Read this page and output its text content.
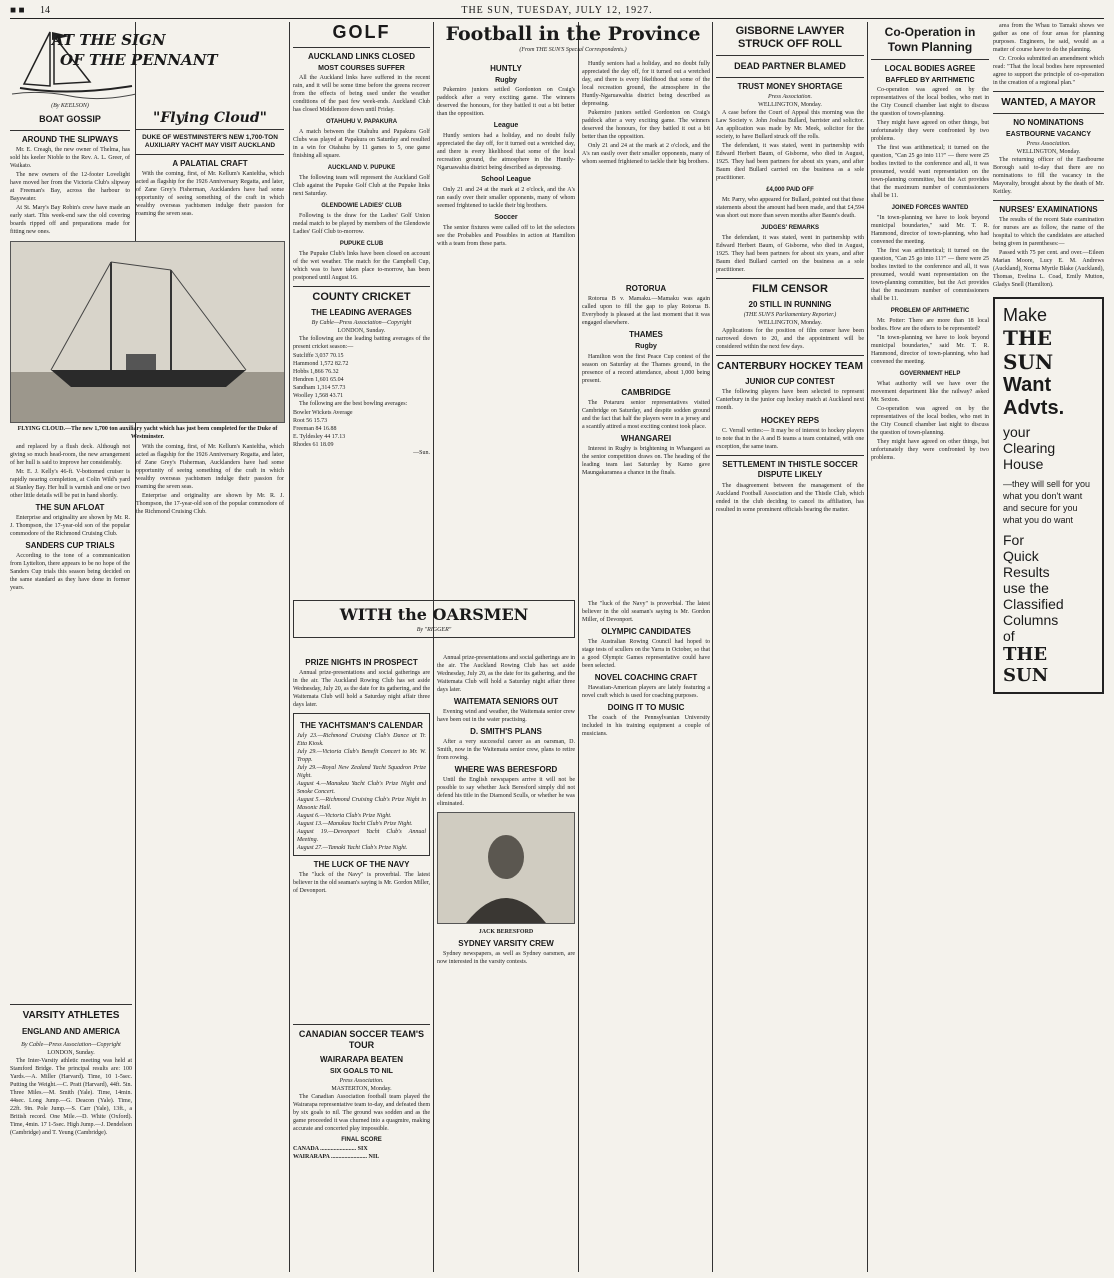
■ ■ 14	THE SUN, TUESDAY, JULY 12, 1927.
AT THE SIGN
OF THE PENNANT
(By KEELSON)
BOAT GOSSIP
AROUND THE SLIPWAYS

Mr. E. Creagh, the new owner of Thelma, has sold his keeler Nioble to the Rev. A. L. Greer, of Waikato.

The new owners of the 12-footer Lovelight have moved her from the Victoria Club's slipway at Freeman's Bay, across the harbour to Bayswater.

At St. Mary's Bay Robin's crew have made an early start. This week-end saw the old covering boards ripped off and preparations made for fitting new ones.

"Flying Cloud"
DUKE OF WESTMINSTER'S NEW 1,700-TON AUXILIARY YACHT MAY VISIT AUCKLAND
A PALATIAL CRAFT

With the coming, first, of Mr. Kellum's Kanieltha, which acted as flagship for the 1926 Anniversary Regatta, and later, of Zane Grey's Fisherman, Aucklanders have had some opportunity of seeing something of the craft in which wealthy overseas yachtsmen indulge their passion for roaming the seven seas.

FLYING CLOUD.—The new 1,700 ton auxiliary yacht which has just been completed for the Duke of Westminster.

and replaced by a flush deck. Although not giving so much head-room, the new arrangement of her hull is said to improve her considerably.

Mr. E. J. Kelly's 46-ft. V-bottomed cruiser is rapidly nearing completion, at Colin Wild's yard at Stanley Bay. Her hull is varnish and one or two other little details will be put in hand shortly.

THE SUN AFLOAT

Enterprise and originality are shown by Mr. R. J. Thompson, the 17-year-old son of the popular commodore of the Richmond Cruising Club.

SANDERS CUP TRIALS

According to the tone of a communication from Lyttelton, there appears to be no hope of the Sanders Cup trials this season being decided on the same standard as they have done in former years.

With the coming, first, of Mr. Kellum's Kanieltha, which acted as flagship for the 1926 Anniversary Regatta, and later, of Zane Grey's Fisherman, Aucklanders have had some opportunity of seeing something of the craft in which wealthy overseas yachtsmen indulge their passion for roaming the seven seas.

Enterprise and originality are shown by Mr. R. J. Thompson, the 17-year-old son of the popular commodore of the Richmond Cruising Club.

VARSITY ATHLETES
ENGLAND AND AMERICA
By Cable—Press Association—Copyright
LONDON, Sunday.

The Inter-Varsity athletic meeting was held at Stamford Bridge. The principal results are: 100 Yards.—A. Miller (Harvard). Time, 10 1-5sec. Putting the Weight.—C. Pratt (Harvard), 44ft. 5in. Three Miles.—M. Smith (Yale). Time, 14min. 44sec. Long Jump.—G. Deacon (Yale). Time, 22ft. 9in. Pole Jump.—S. Carr (Yale), 13ft., a British record. One Mile.—D. White (Oxford). Time, 4min. 17 1-5sec. High Jump.—J. Dendelson (Cambridge) and T. Yeung (Cambridge).

GOLF
AUCKLAND LINKS CLOSED
MOST COURSES SUFFER

All the Auckland links have suffered in the recent rain, and it will be some time before the greens recover from the effects of being used under the weather conditions of the past few week-ends. Auckland Club has closed Middlemore down until Friday.

OTAHUHU V. PAPAKURA

A match between the Otahuhu and Papakura Golf Clubs was played at Papakura on Saturday and resulted in a win for Otahuhu by 11 games to 5, one game finishing all square.

AUCKLAND V. PUPUKE

The following team will represent the Auckland Golf Club against the Pupuke Golf Club at the Pupuke links next Saturday.

GLENDOWIE LADIES' CLUB

Following is the draw for the Ladies' Golf Union medal match to be played by members of the Glendowie Ladies' Golf Club to-morrow.

PUPUKE CLUB

The Pupuke Club's links have been closed on account of the wet weather. The match for the Campbell Cup, which was to have taken place to-morrow, has been postponed until August 16.

COUNTY CRICKET
THE LEADING AVERAGES
By Cable—Press Association—Copyright
LONDON, Sunday.

The following are the leading batting averages of the present cricket season:—

Sutcliffe 3,037 70.15
Hammond 1,572 82.72
Hobbs 1,866 76.32
Hendren 1,601 65.04
Sandham 1,314 57.73
Woolley 1,568 43.71

The following are the best bowling averages:

Bowler Wickets Average
Root 56 15.73
Freeman 84 16.88
E. Tyldesley 44 17.13
Rhodes 61 18.09
—Sun.
Football in the Province
(From THE SUN'S Special Correspondents.)
HUNTLY
Rugby

Pukemiro juniors settled Gordonton on Craig's paddock after a very exciting game. The winners deserved the honours, for they battled it out a bit better than the opposition.

League

Huntly seniors had a holiday, and no doubt fully appreciated the day off, for it turned out a wretched day, and there is every likelihood that some of the local recreation ground, the atmosphere in the Huntly-Ngaruawahia district being described as depressing.

School League

Only 21 and 24 at the mark at 2 o'clock, and the A's ran easily over their smaller opponents, many of whom seemed frightened to tackle their big brothers.

Soccer

The senior fixtures were called off to let the selectors see the Probables and Possibles in action at Hamilton with a team from these parts.

Huntly seniors had a holiday, and no doubt fully appreciated the day off, for it turned out a wretched day, and there is every likelihood that some of the local recreation ground, the atmosphere in the Huntly-Ngaruawahia district being described as depressing.

Pukemiro juniors settled Gordonton on Craig's paddock after a very exciting game. The winners deserved the honours, for they battled it out a bit better than the opposition.

Only 21 and 24 at the mark at 2 o'clock, and the A's ran easily over their smaller opponents, many of whom seemed frightened to tackle their big brothers.

WITH the OARSMEN
By "RIGGER"
PRIZE NIGHTS IN PROSPECT

Annual prize-presentations and social gatherings are in the air. The Auckland Rowing Club has set aside Wednesday, July 20, as the date for its gathering, and the Waitemata Club will hold a Saturday night affair three days later.

THE YACHTSMAN'S CALENDAR
July 23.—Richmond Cruising Club's Dance at Tr. Etta Kiosk.
July 29.—Victoria Club's Benefit Concert to Mr. W. Tropp.
July 29.—Royal New Zealand Yacht Squadron Prize Night.
August 4.—Manukau Yacht Club's Prize Night and Smoke Concert.
August 5.—Richmond Cruising Club's Prize Night in Masonic Hall.
August 6.—Victoria Club's Prize Night.
August 13.—Manukau Yacht Club's Prize Night.
August 19.—Devonport Yacht Club's Annual Meeting.
August 27.—Tamaki Yacht Club's Prize Night.
THE LUCK OF THE NAVY

The "luck of the Navy" is proverbial. The latest believer in the old seaman's saying is Mr. Gordon Miller, of Devonport.

Annual prize-presentations and social gatherings are in the air. The Auckland Rowing Club has set aside Wednesday, July 20, as the date for its gathering, and the Waitemata Club will hold a Saturday night affair three days later.

WAITEMATA SENIORS OUT

Evening wind and weather, the Waitemata senior crew have been out in the water practising.

D. SMITH'S PLANS

After a very successful career as an oarsman, D. Smith, now in the Waitemata senior crew, plans to retire from rowing.

WHERE WAS BERESFORD

Until the English newspapers arrive it will not be possible to say whether Jack Beresford simply did not defend his title in the Diamond Sculls, or whether he was eliminated.

JACK BERESFORD
SYDNEY VARSITY CREW

Sydney newspapers, as well as Sydney oarsmen, are now interested in the varsity contests.

The "luck of the Navy" is proverbial. The latest believer in the old seaman's saying is Mr. Gordon Miller, of Devonport.

OLYMPIC CANDIDATES

The Australian Rowing Council had hoped to stage tests of scullers on the Yarra in October, so that a good Olympic Games representative could have been selected.

NOVEL COACHING CRAFT

Hawaiian-American players are lately featuring a novel craft which is used for coaching purposes.

DOING IT TO MUSIC

The coach of the Pennsylvanian University included in his training equipment a couple of musicians.

CANADIAN SOCCER TEAM'S TOUR
WAIRARAPA BEATEN
SIX GOALS TO NIL
Press Association.
MASTERTON, Monday.

The Canadian Association football team played the Wairarapa representative team to-day, and defeated them by six goals to nil. The ground was sodden and as the game proceeded it was churned into a quagmire, making accurate and concerted play impossible.

FINAL SCORE
CANADA ........................ SIX
WAIRARAPA ........................ NIL
GISBORNE LAWYER STRUCK OFF ROLL
DEAD PARTNER BLAMED
TRUST MONEY SHORTAGE
Press Association.
WELLINGTON, Monday.

A case before the Court of Appeal this morning was the Law Society v. John Joshua Bullard, barrister and solicitor. An application was made by Mr. Meek, solicitor for the society, to have Bullard struck off the rolls.

The defendant, it was stated, went in partnership with Edward Herbert Baum, of Gisborne, who died in August, 1925. They had been partners for about six years, and after Baum died Bullard carried on the business as a sole practitioner.

£4,000 PAID OFF

Mr. Parry, who appeared for Bullard, pointed out that these statements about the amount had been made, and that £4,594 was short out more than seven months after Baum's death.

JUDGES' REMARKS

The defendant, it was stated, went in partnership with Edward Herbert Baum, of Gisborne, who died in August, 1925. They had been partners for about six years, and after Baum died Bullard carried on the business as a sole practitioner.

FILM CENSOR
20 STILL IN RUNNING
(THE SUN'S Parliamentary Reporter.)
WELLINGTON, Monday.

Applications for the position of film censor have been narrowed down to 20, and the appointment will be considered within the next few days.

CANTERBURY HOCKEY TEAM
JUNIOR CUP CONTEST

The following players have been selected to represent Canterbury in the junior cup hockey match at Auckland next month.

HOCKEY REPS

C. Verrall writes:— It may be of interest to hockey players to note that in the A and B teams a team contained, with one exception, the same team.

SETTLEMENT IN THISTLE SOCCER DISPUTE LIKELY

The disagreement between the management of the Auckland Football Association and the Thistle Club, which ended in the club deciding to cancel its affiliation, has resulted in some prominent officials bearing the matter.

ROTORUA

Rotorua B v. Mamaku.—Mamaku was again called upon to fill the gap to play Rotorua B. Everybody is pleased at the last moment that it was engaged elsewhere.

THAMES
Rugby

Hamilton won the first Peace Cup contest of the season on Saturday at the Thames ground, in the presence of a record attendance, about 1,000 being present.

CAMBRIDGE

The Potaruru senior representatives visited Cambridge on Saturday, and despite sodden ground and the fact that half the players were in a jersey and a scantily attired a most exciting contest took place.

WHANGAREI

Interest in Rugby is brightening in Whangarei as the senior competition draws on. The heading of the leading team last Saturday by Kamo gave Maungakaramea a chance in the finals.

Co-Operation in Town Planning
LOCAL BODIES AGREE
BAFFLED BY ARITHMETIC

Co-operation was agreed on by the representatives of the local bodies, who met in the City Council chamber last night to discuss the question of town-planning.

They might have agreed on other things, but unfortunately they were confronted by two problems.

The first was arithmetical; it turned on the question, "Can 25 go into 11?" — there were 25 bodies invited to the conference and all, it was presumed, would want representation on the town-planning committee, but the Act provides that the maximum number of commissioners shall be 11.

JOINED FORCES WANTED

"In town-planning we have to look beyond municipal boundaries," said Mr. T. R. Hammond, director of town-planning, who had convened the meeting.

The first was arithmetical; it turned on the question, "Can 25 go into 11?" — there were 25 bodies invited to the conference and all, it was presumed, would want representation on the town-planning committee, but the Act provides that the maximum number of commissioners shall be 11.

PROBLEM OF ARITHMETIC

Mr. Potter: There are more than 18 local bodies. How are the others to be represented?

"In town-planning we have to look beyond municipal boundaries," said Mr. T. R. Hammond, director of town-planning, who had convened the meeting.

GOVERNMENT HELP

What authority will we have over the movement department like the railway? asked Mr. Sexton.

Co-operation was agreed on by the representatives of the local bodies, who met in the City Council chamber last night to discuss the question of town-planning.

They might have agreed on other things, but unfortunately they were confronted by two problems.

area from the Whau to Tamaki shows we gather as one of four areas for planning purposes. Engineers, he said, would as a matter of course have to do the planning.

Cr. Crooks submitted an amendment which read: "That the local bodies here represented agree to support the principle of co-operation in the creation of a regional plan."

WANTED, A MAYOR
NO NOMINATIONS
EASTBOURNE VACANCY
Press Association.
WELLINGTON, Monday.

The returning officer of the Eastbourne Borough said to-day that there are no nominations to fill the vacancy in the Mayoralty, brought about by the death of Mr. Keitley.

NURSES' EXAMINATIONS

The results of the recent State examination for nurses are as follow, the name of the hospital to which the candidates are attached being given in parentheses:—

Passed with 75 per cent. and over.—Eileen Marian Moore, Lucy E. M. Andrews (Auckland), Norma Myrtle Blake (Auckland), Thomas, Evelina L. Coad, Emily Mutton, Gladys Snell (Hamilton).

Make
THE SUN
Want
Advts.
your
Clearing
House
—they will sell for you what you don't want and secure for you what you do want
For
Quick
Results
use the
Classified
Columns
of
THE SUN
